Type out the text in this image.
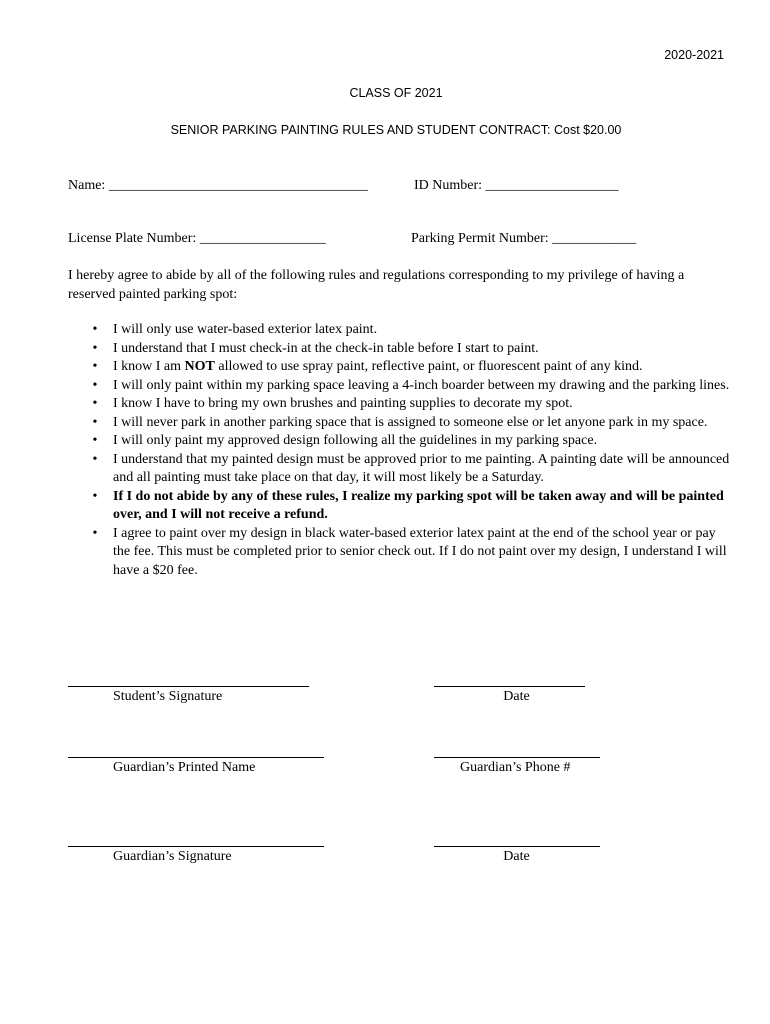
2020-2021
CLASS OF 2021
SENIOR PARKING PAINTING RULES AND STUDENT CONTRACT: Cost $20.00
Name: _____________________________________	ID Number: ___________________
License Plate Number: __________________	Parking Permit Number: ____________
I hereby agree to abide by all of the following rules and regulations corresponding to my privilege of having a reserved painted parking spot:
• I will only use water-based exterior latex paint.
• I understand that I must check-in at the check-in table before I start to paint.
• I know I am NOT allowed to use spray paint, reflective paint, or fluorescent paint of any kind.
• I will only paint within my parking space leaving a 4-inch boarder between my drawing and the parking lines.
• I know I have to bring my own brushes and painting supplies to decorate my spot.
• I will never park in another parking space that is assigned to someone else or let anyone park in my space.
• I will only paint my approved design following all the guidelines in my parking space.
• I understand that my painted design must be approved prior to me painting. A painting date will be announced and all painting must take place on that day, it will most likely be a Saturday.
• If I do not abide by any of these rules, I realize my parking spot will be taken away and will be painted over, and I will not receive a refund.
• I agree to paint over my design in black water-based exterior latex paint at the end of the school year or pay the fee. This must be completed prior to senior check out. If I do not paint over my design, I understand I will have a $20 fee.
Student’s Signature	Date
Guardian’s Printed Name	Guardian’s Phone #
Guardian’s Signature	Date
